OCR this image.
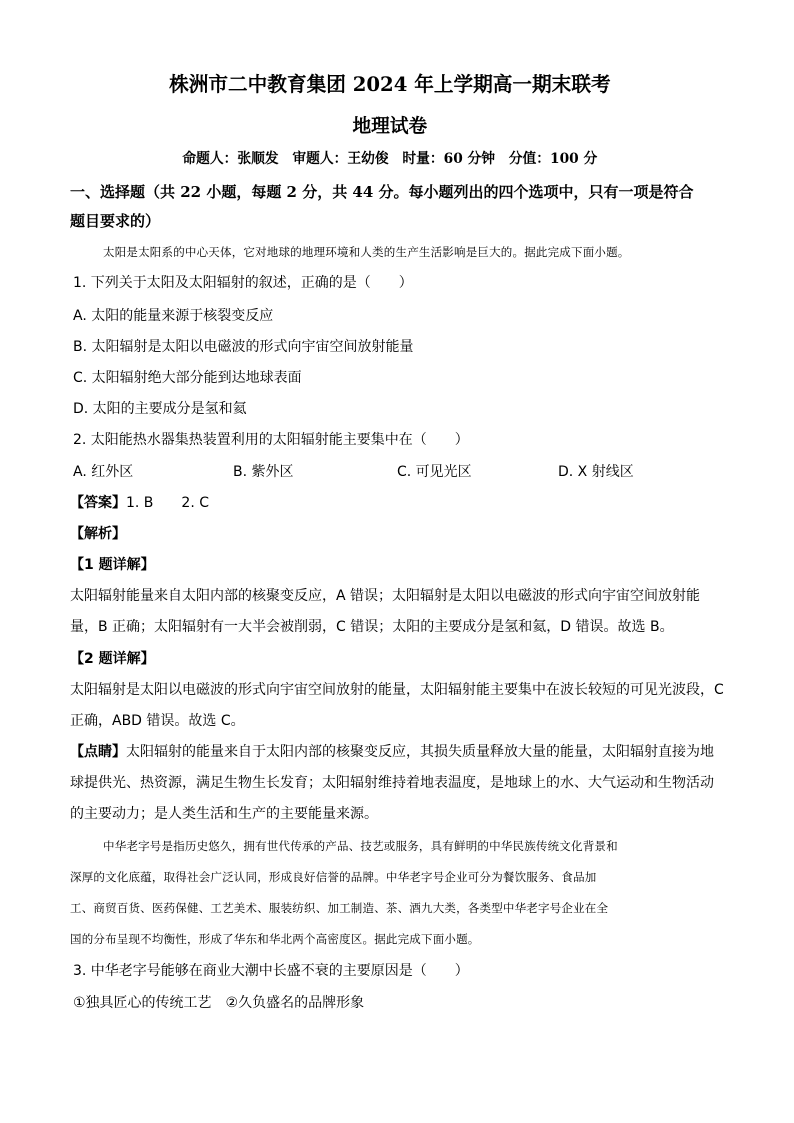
株洲市二中教育集团 2024 年上学期高一期末联考
地理试卷
命题人：张顺发　审题人：王幼俊　时量：60 分钟　分值：100 分
一、选择题（共 22 小题，每题 2 分，共 44 分。每小题列出的四个选项中，只有一项是符合
题目要求的）
太阳是太阳系的中心天体，它对地球的地理环境和人类的生产生活影响是巨大的。据此完成下面小题。
1. 下列关于太阳及太阳辐射的叙述，正确的是（　　）
A. 太阳的能量来源于核裂变反应
B. 太阳辐射是太阳以电磁波的形式向宇宙空间放射能量
C. 太阳辐射绝大部分能到达地球表面
D. 太阳的主要成分是氢和氦
2. 太阳能热水器集热装置利用的太阳辐射能主要集中在（　　）
A. 红外区	B. 紫外区	C. 可见光区	D. X 射线区
【答案】1. B　　2. C
【解析】
【1 题详解】
太阳辐射能量来自太阳内部的核聚变反应，A 错误；太阳辐射是太阳以电磁波的形式向宇宙空间放射能
量，B 正确；太阳辐射有一大半会被削弱，C 错误；太阳的主要成分是氢和氦，D 错误。故选 B。
【2 题详解】
太阳辐射是太阳以电磁波的形式向宇宙空间放射的能量，太阳辐射能主要集中在波长较短的可见光波段，C
正确，ABD 错误。故选 C。
【点睛】太阳辐射的能量来自于太阳内部的核聚变反应，其损失质量释放大量的能量，太阳辐射直接为地
球提供光、热资源，满足生物生长发育；太阳辐射维持着地表温度，是地球上的水、大气运动和生物活动
的主要动力；是人类生活和生产的主要能量来源。
中华老字号是指历史悠久，拥有世代传承的产品、技艺或服务，具有鲜明的中华民族传统文化背景和
深厚的文化底蕴，取得社会广泛认同，形成良好信誉的品牌。中华老字号企业可分为餐饮服务、食品加
工、商贸百货、医药保健、工艺美术、服装纺织、加工制造、茶、酒九大类，各类型中华老字号企业在全
国的分布呈现不均衡性，形成了华东和华北两个高密度区。据此完成下面小题。
3. 中华老字号能够在商业大潮中长盛不衰的主要原因是（　　）
①独具匠心的传统工艺　②久负盛名的品牌形象
